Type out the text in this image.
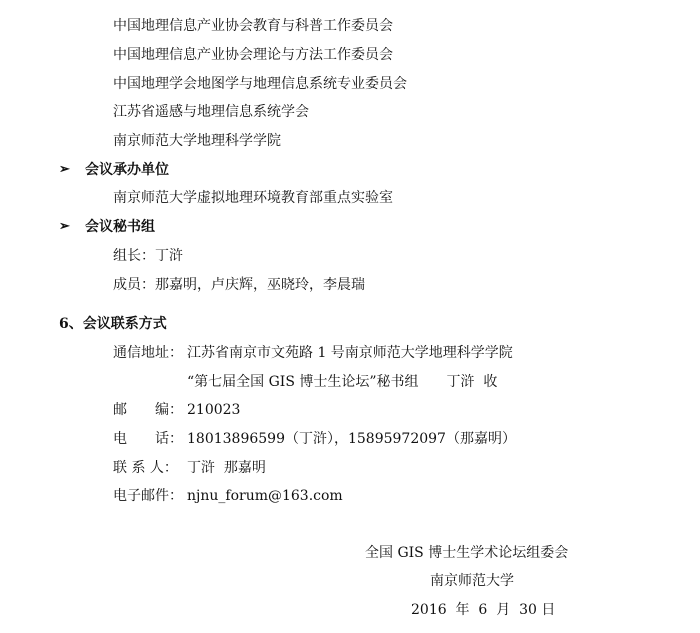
中国地理信息产业协会教育与科普工作委员会
中国地理信息产业协会理论与方法工作委员会
中国地理学会地图学与地理信息系统专业委员会
江苏省遥感与地理信息系统学会
南京师范大学地理科学学院
➢ 会议承办单位
南京师范大学虚拟地理环境教育部重点实验室
➢ 会议秘书组
组长：丁浒
成员：那嘉明，卢庆辉，巫晓玲，李晨瑞
6、会议联系方式
通信地址： 江苏省南京市文苑路 1 号南京师范大学地理科学学院
“第七届全国 GIS 博士生论坛”秘书组　　丁浒  收
邮　　编： 210023
电　　话： 18013896599（丁浒），15895972097（那嘉明）
联 系 人： 丁浒  那嘉明
电子邮件： njnu_forum@163.com
全国 GIS 博士生学术论坛组委会
南京师范大学
2016  年  6  月  30 日
